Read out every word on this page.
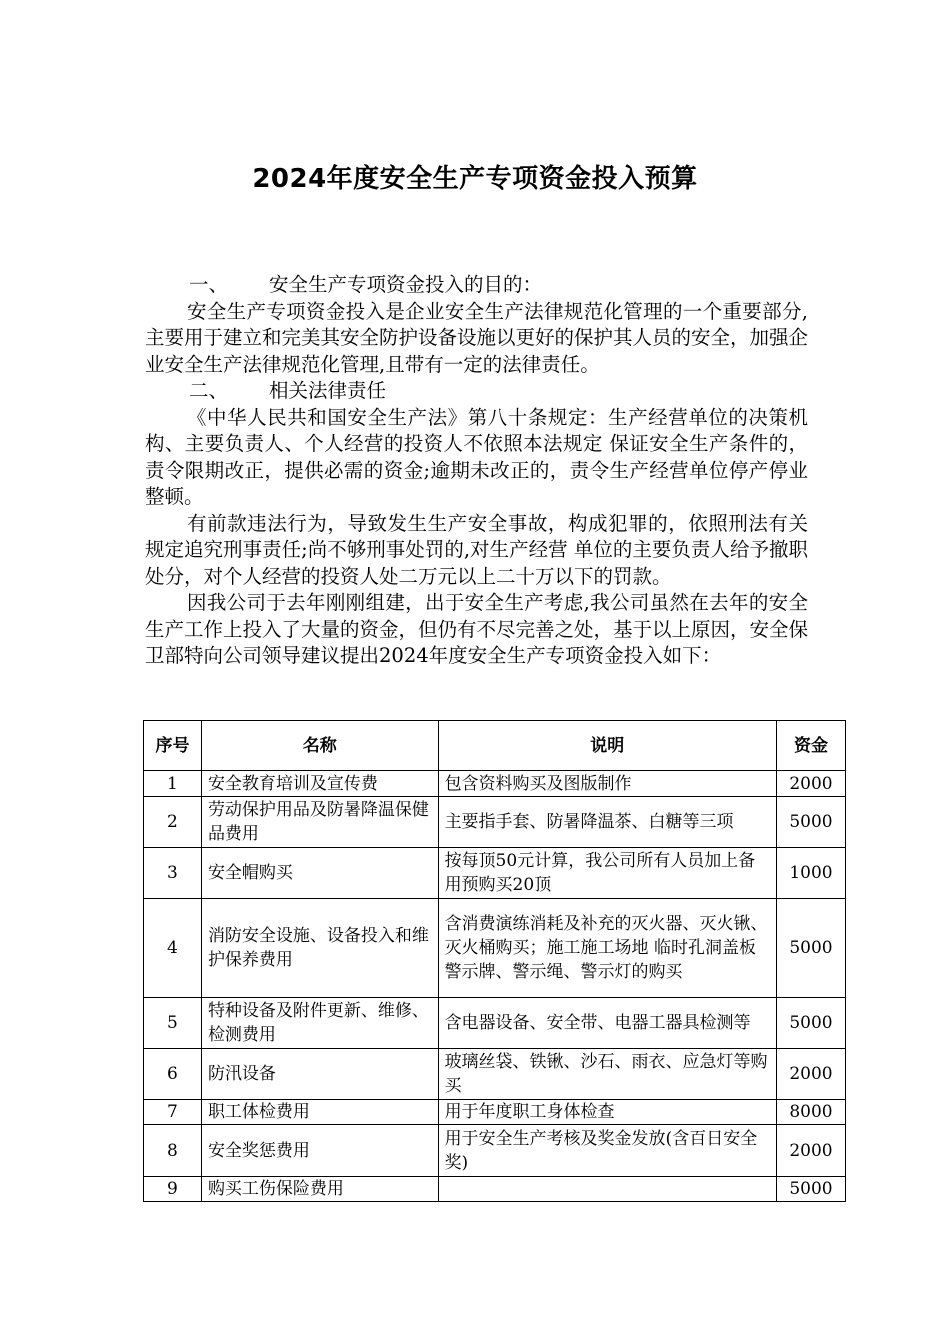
2024年度安全生产专项资金投入预算

一、 安全生产专项资金投入的目的：

安全生产专项资金投入是企业安全生产法律规范化管理的一个重要部分,主要用于建立和完美其安全防护设备设施以更好的保护其人员的安全，加强企业安全生产法律规范化管理,且带有一定的法律责任。

二、 相关法律责任

《中华人民共和国安全生产法》第八十条规定：生产经营单位的决策机构、主要负责人、个人经营的投资人不依照本法规定 保证安全生产条件的，责令限期改正，提供必需的资金;逾期未改正的，责令生产经营单位停产停业整顿。

有前款违法行为，导致发生生产安全事故，构成犯罪的，依照刑法有关规定追究刑事责任;尚不够刑事处罚的,对生产经营 单位的主要负责人给予撤职处分，对个人经营的投资人处二万元以上二十万以下的罚款。

因我公司于去年刚刚组建，出于安全生产考虑,我公司虽然在去年的安全生产工作上投入了大量的资金，但仍有不尽完善之处，基于以上原因，安全保卫部特向公司领导建议提出2024年度安全生产专项资金投入如下：

序号	名称	说明	资金
1	安全教育培训及宣传费	包含资料购买及图版制作	2000
2	劳动保护用品及防暑降温保健品费用	主要指手套、防暑降温茶、白糖等三项	5000
3	安全帽购买	按每顶50元计算，我公司所有人员加上备用预购买20顶	1000
4	消防安全设施、设备投入和维护保养费用	含消费演练消耗及补充的灭火器、灭火锹、灭火桶购买；施工施工场地 临时孔洞盖板警示牌、警示绳、警示灯的购买	5000
5	特种设备及附件更新、维修、检测费用	含电器设备、安全带、电器工器具检测等	5000
6	防汛设备	玻璃丝袋、铁锹、沙石、雨衣、应急灯等购买	2000
7	职工体检费用	用于年度职工身体检查	8000
8	安全奖惩费用	用于安全生产考核及奖金发放(含百日安全奖)	2000
9	购买工伤保险费用		5000
